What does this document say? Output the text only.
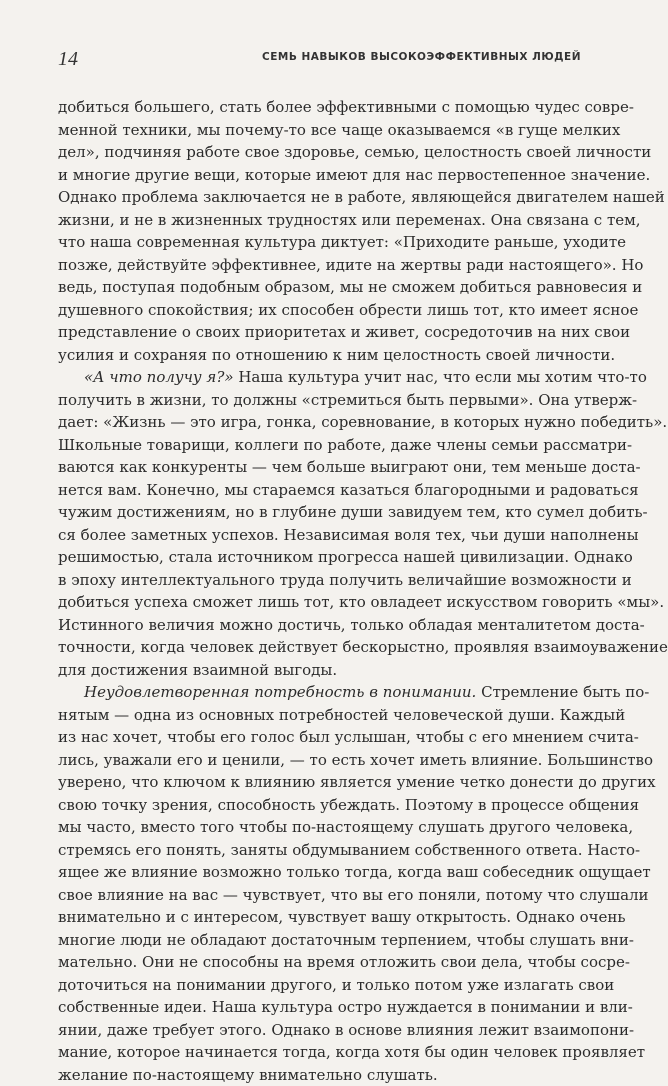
14	СЕМЬ НАВЫКОВ ВЫСОКОЭФФЕКТИВНЫХ ЛЮДЕЙ
добиться большего, стать более эффективными с помощью чудес совре-
менной техники, мы почему-то все чаще оказываемся «в гуще мелких
дел», подчиняя работе свое здоровье, семью, целостность своей личности
и многие другие вещи, которые имеют для нас первостепенное значение.
Однако проблема заключается не в работе, являющейся двигателем нашей
жизни, и не в жизненных трудностях или переменах. Она связана с тем,
что наша современная культура диктует: «Приходите раньше, уходите
позже, действуйте эффективнее, идите на жертвы ради настоящего». Но
ведь, поступая подобным образом, мы не сможем добиться равновесия и
душевного спокойствия; их способен обрести лишь тот, кто имеет ясное
представление о своих приоритетах и живет, сосредоточив на них свои
усилия и сохраняя по отношению к ним целостность своей личности.
«А что получу я?» Наша культура учит нас, что если мы хотим что-то
получить в жизни, то должны «стремиться быть первыми». Она утверж-
дает: «Жизнь — это игра, гонка, соревнование, в которых нужно победить».
Школьные товарищи, коллеги по работе, даже члены семьи рассматри-
ваются как конкуренты — чем больше выиграют они, тем меньше доста-
нется вам. Конечно, мы стараемся казаться благородными и радоваться
чужим достижениям, но в глубине души завидуем тем, кто сумел добить-
ся более заметных успехов. Независимая воля тех, чьи души наполнены
решимостью, стала источником прогресса нашей цивилизации. Однако
в эпоху интеллектуального труда получить величайшие возможности и
добиться успеха сможет лишь тот, кто овладеет искусством говорить «мы».
Истинного величия можно достичь, только обладая менталитетом доста-
точности, когда человек действует бескорыстно, проявляя взаимоуважение
для достижения взаимной выгоды.
Неудовлетворенная потребность в понимании. Стремление быть по-
нятым — одна из основных потребностей человеческой души. Каждый
из нас хочет, чтобы его голос был услышан, чтобы с его мнением счита-
лись, уважали его и ценили, — то есть хочет иметь влияние. Большинство
уверено, что ключом к влиянию является умение четко донести до других
свою точку зрения, способность убеждать. Поэтому в процессе общения
мы часто, вместо того чтобы по-настоящему слушать другого человека,
стремясь его понять, заняты обдумыванием собственного ответа. Насто-
ящее же влияние возможно только тогда, когда ваш собеседник ощущает
свое влияние на вас — чувствует, что вы его поняли, потому что слушали
внимательно и с интересом, чувствует вашу открытость. Однако очень
многие люди не обладают достаточным терпением, чтобы слушать вни-
мательно. Они не способны на время отложить свои дела, чтобы сосре-
доточиться на понимании другого, и только потом уже излагать свои
собственные идеи. Наша культура остро нуждается в понимании и вли-
янии, даже требует этого. Однако в основе влияния лежит взаимопони-
мание, которое начинается тогда, когда хотя бы один человек проявляет
желание по-настоящему внимательно слушать.
